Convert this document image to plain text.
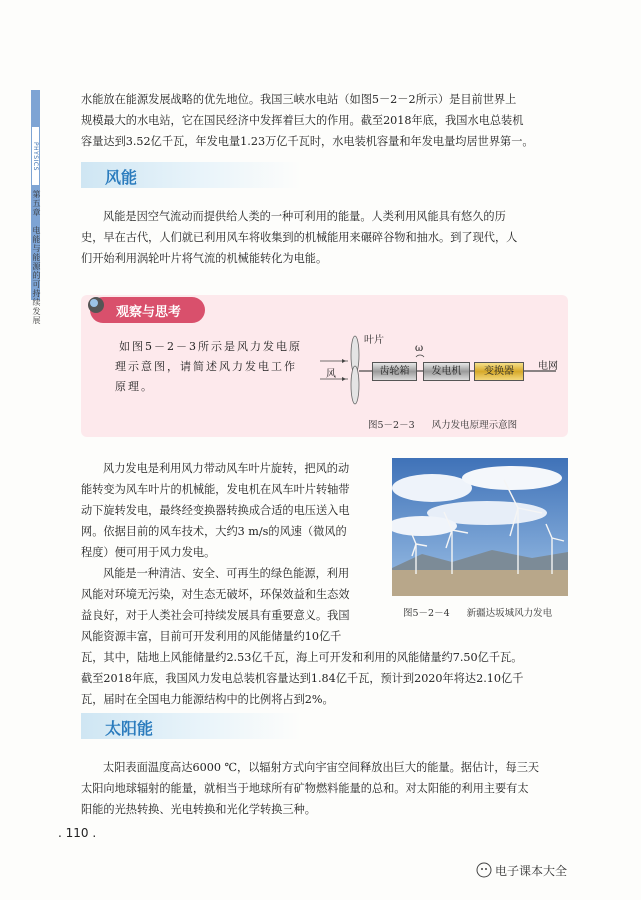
PHYSICS
第五章　电能与能源的可持续发展

水能放在能源发展战略的优先地位。我国三峡水电站（如图5－2－2所示）是目前世界上

规模最大的水电站，它在国民经济中发挥着巨大的作用。截至2018年底，我国水电总装机

容量达到3.52亿千瓦，年发电量1.23万亿千瓦时，水电装机容量和年发电量均居世界第一。

风能

风能是因空气流动而提供给人类的一种可利用的能量。人类利用风能具有悠久的历

史，早在古代，人们就已利用风车将收集到的机械能用来碾碎谷物和抽水。到了现代，人

们开始利用涡轮叶片将气流的机械能转化为电能。

观察与思考
如图5－2－3所示是风力发电原
理示意图，请简述风力发电工作
原理。
叶片
风
ω
齿轮箱	发电机	变换器	电网
图5－2－3 风力发电原理示意图

风力发电是利用风力带动风车叶片旋转，把风的动

能转变为风车叶片的机械能，发电机在风车叶片转轴带

动下旋转发电，最终经变换器转换成合适的电压送入电

网。依据目前的风车技术，大约3 m/s的风速（微风的

程度）便可用于风力发电。

风能是一种清洁、安全、可再生的绿色能源，利用

风能对环境无污染，对生态无破坏，环保效益和生态效

益良好，对于人类社会可持续发展具有重要意义。我国

风能资源丰富，目前可开发利用的风能储量约10亿千

瓦，其中，陆地上风能储量约2.53亿千瓦，海上可开发和利用的风能储量约7.50亿千瓦。

截至2018年底，我国风力发电总装机容量达到1.84亿千瓦，预计到2020年将达2.10亿千

瓦，届时在全国电力能源结构中的比例将占到2%。

图5－2－4 新疆达坂城风力发电
太阳能

太阳表面温度高达6000 ℃，以辐射方式向宇宙空间释放出巨大的能量。据估计，每三天

太阳向地球辐射的能量，就相当于地球所有矿物燃料能量的总和。对太阳能的利用主要有太

阳能的光热转换、光电转换和光化学转换三种。

. 110 .
电子课本大全
